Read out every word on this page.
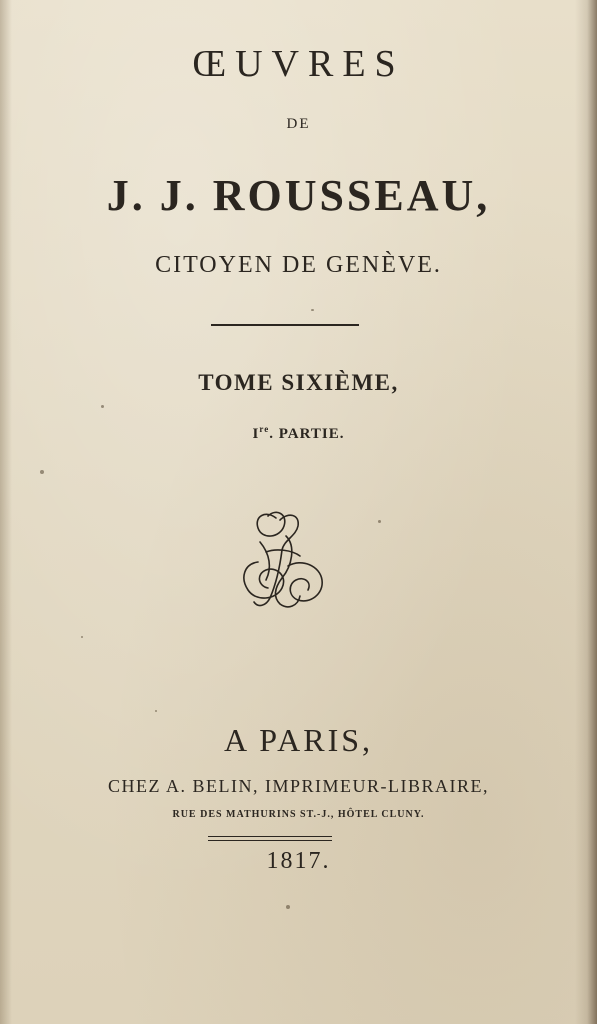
ŒUVRES
DE
J. J. ROUSSEAU,
CITOYEN DE GENÈVE.
TOME SIXIÈME,
Ire. PARTIE.
A PARIS,
CHEZ A. BELIN, IMPRIMEUR-LIBRAIRE,
RUE DES MATHURINS ST.-J., HÔTEL CLUNY.
1817.
